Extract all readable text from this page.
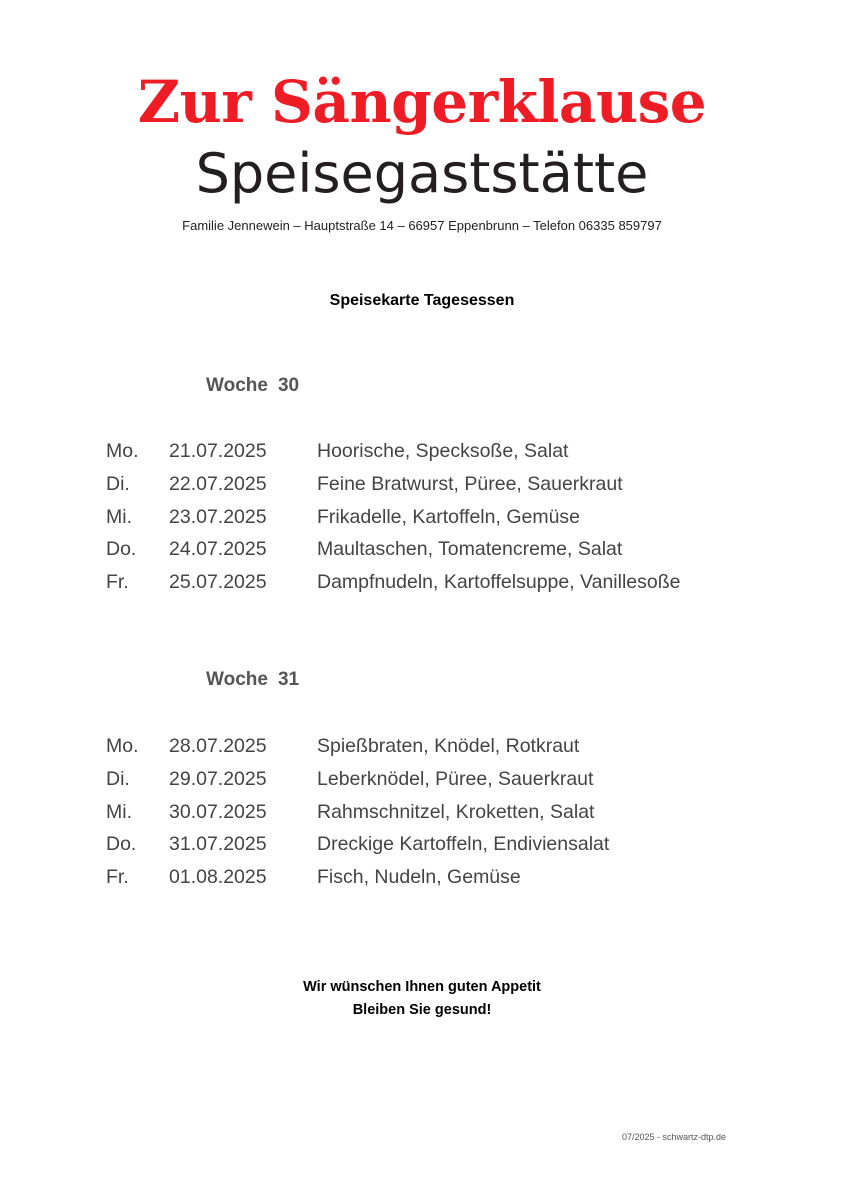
Zur Sängerklause
Speisegaststätte
Familie Jennewein – Hauptstraße 14 – 66957 Eppenbrunn – Telefon 06335 859797
Speisekarte Tagesessen
Woche 30
Mo. 21.07.2025	Hoorische, Specksoße, Salat
Di. 22.07.2025	Feine Bratwurst, Püree, Sauerkraut
Mi. 23.07.2025	Frikadelle, Kartoffeln, Gemüse
Do. 24.07.2025	Maultaschen, Tomatencreme, Salat
Fr. 25.07.2025	Dampfnudeln, Kartoffelsuppe, Vanillesoße
Woche 31
Mo. 28.07.2025	Spießbraten, Knödel, Rotkraut
Di. 29.07.2025	Leberknödel, Püree, Sauerkraut
Mi. 30.07.2025	Rahmschnitzel, Kroketten, Salat
Do. 31.07.2025	Dreckige Kartoffeln, Endiviensalat
Fr. 01.08.2025	Fisch, Nudeln, Gemüse
Wir wünschen Ihnen guten Appetit
Bleiben Sie gesund!
07/2025 - schwartz-dtp.de
